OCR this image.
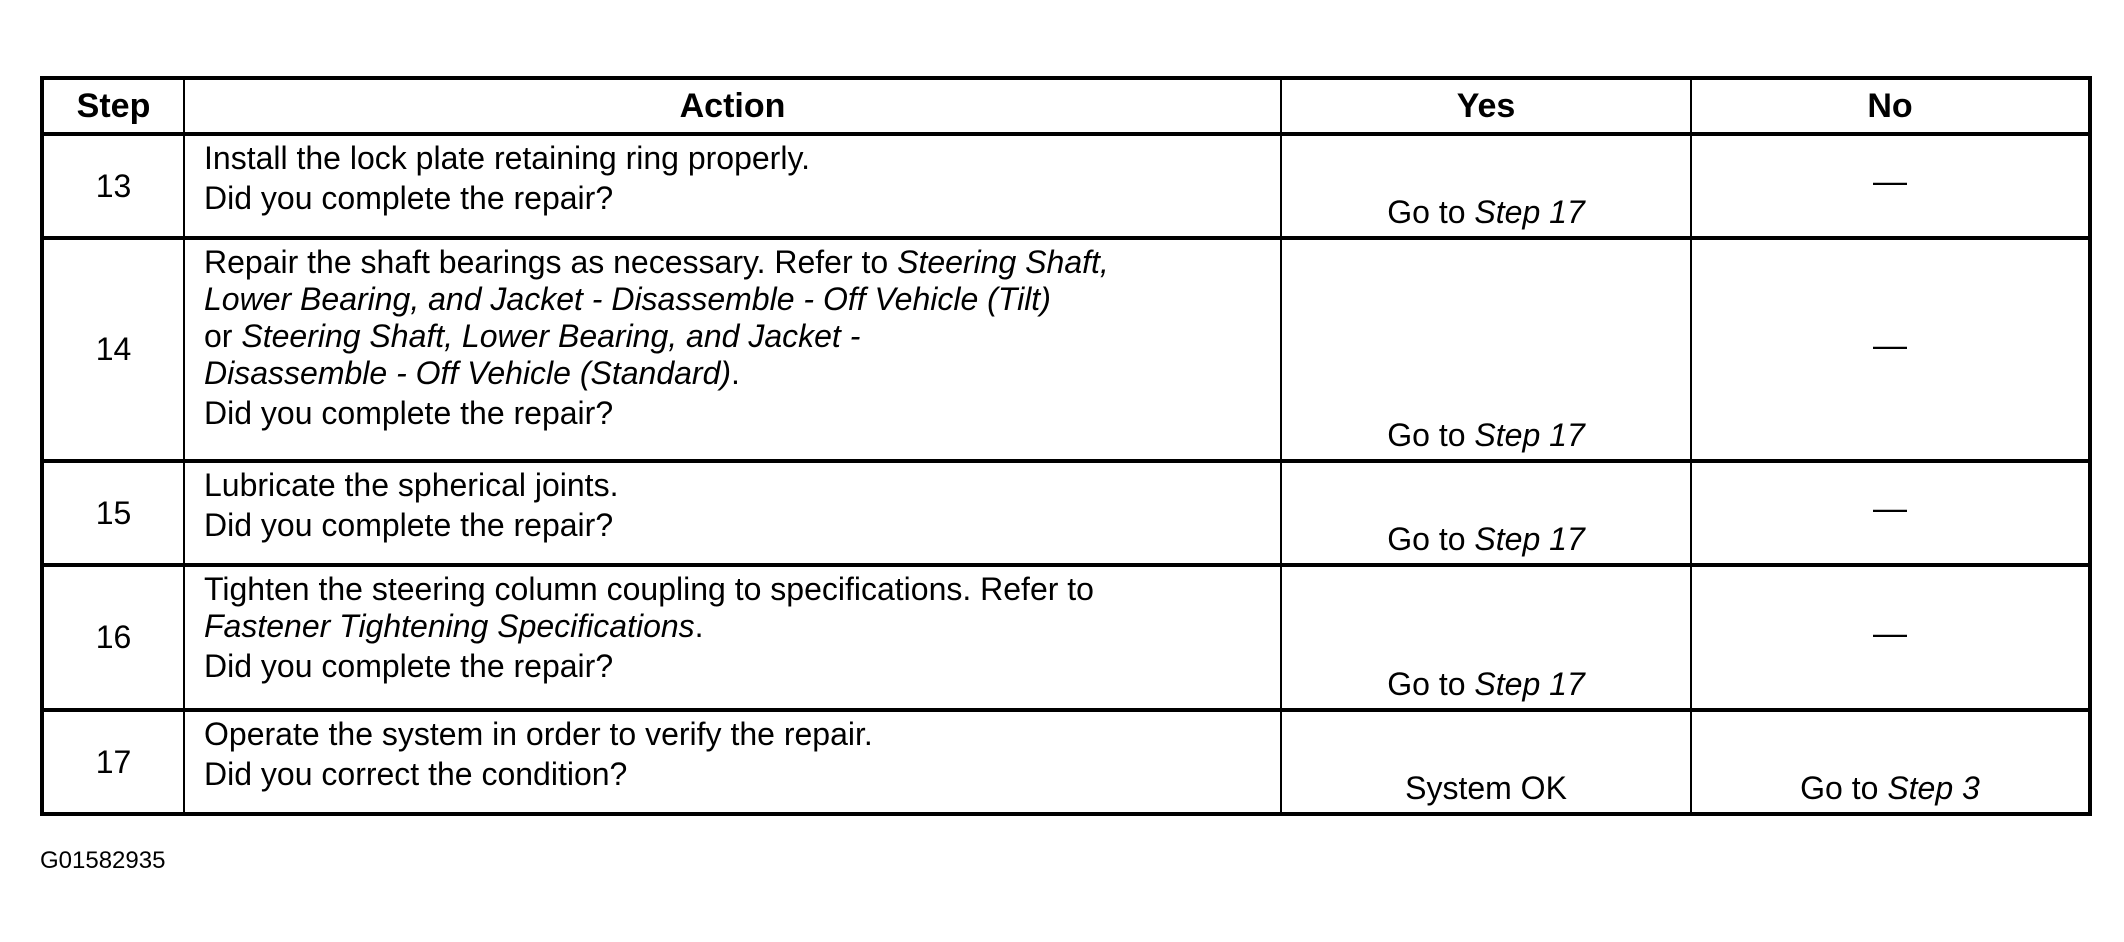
Step	Action	Yes	No
13	Install the lock plate retaining ring properly.
Did you complete the repair?	Go to Step 17	—

14	Repair the shaft bearings as necessary. Refer to Steering Shaft,
Lower Bearing, and Jacket - Disassemble - Off Vehicle (Tilt)
or Steering Shaft, Lower Bearing, and Jacket -
Disassemble - Off Vehicle (Standard).
Did you complete the repair?	Go to Step 17	—

15	Lubricate the spherical joints.
Did you complete the repair?	Go to Step 17	—

16	Tighten the steering column coupling to specifications. Refer to
Fastener Tightening Specifications.
Did you complete the repair?	Go to Step 17	—

17	Operate the system in order to verify the repair.
Did you correct the condition?	System OK	Go to Step 3
G01582935
